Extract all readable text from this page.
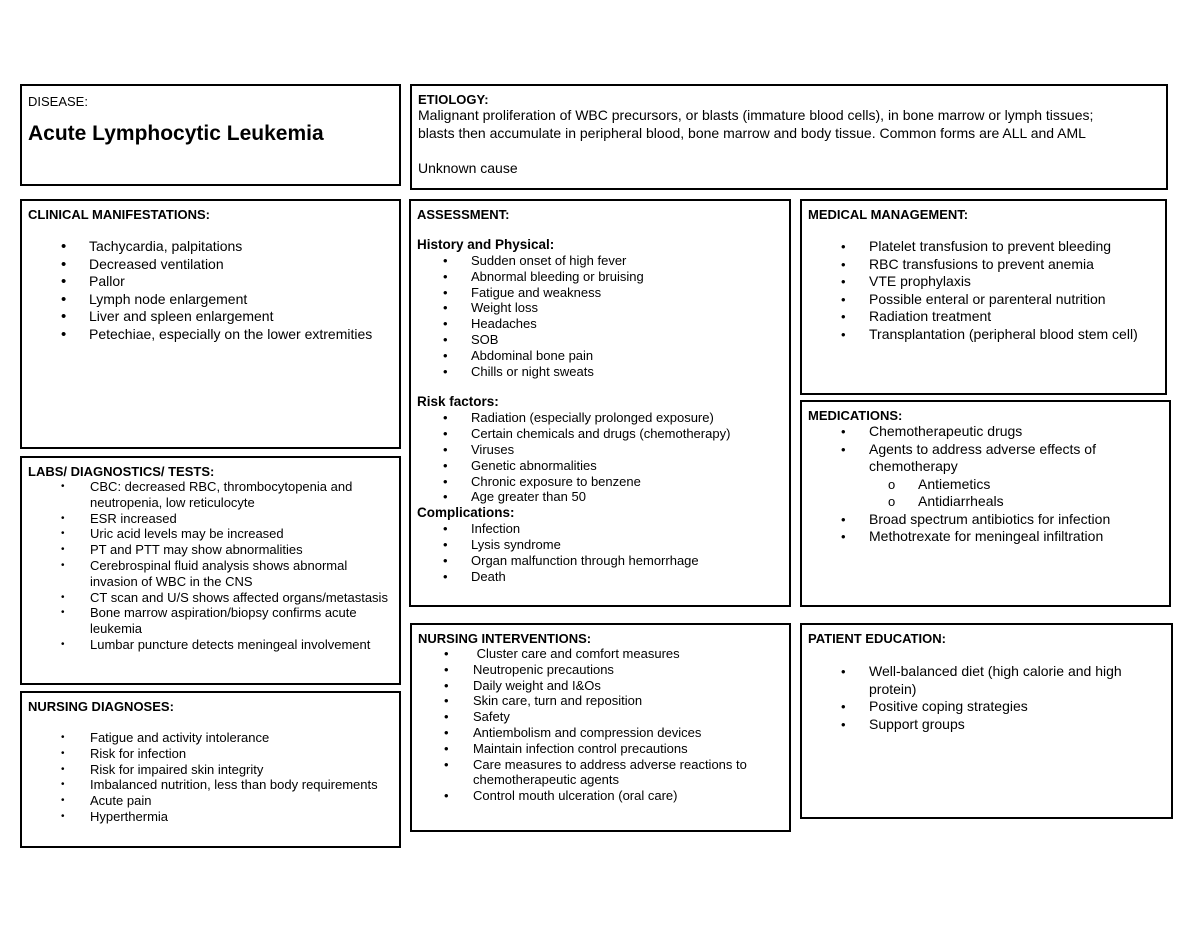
DISEASE:
Acute Lymphocytic Leukemia
ETIOLOGY:
Malignant proliferation of WBC precursors, or blasts (immature blood cells), in bone marrow or lymph tissues;
blasts then accumulate in peripheral blood, bone marrow and body tissue. Common forms are ALL and AML
Unknown cause
CLINICAL MANIFESTATIONS:
• Tachycardia, palpitations
• Decreased ventilation
• Pallor
• Lymph node enlargement
• Liver and spleen enlargement
• Petechiae, especially on the lower extremities
LABS/ DIAGNOSTICS/ TESTS:
• CBC: decreased RBC, thrombocytopenia and neutropenia, low reticulocyte
• ESR increased
• Uric acid levels may be increased
• PT and PTT may show abnormalities
• Cerebrospinal fluid analysis shows abnormal invasion of WBC in the CNS
• CT scan and U/S shows affected organs/metastasis
• Bone marrow aspiration/biopsy confirms acute leukemia
• Lumbar puncture detects meningeal involvement
NURSING DIAGNOSES:
• Fatigue and activity intolerance
• Risk for infection
• Risk for impaired skin integrity
• Imbalanced nutrition, less than body requirements
• Acute pain
• Hyperthermia
ASSESSMENT:
History and Physical:
• Sudden onset of high fever
• Abnormal bleeding or bruising
• Fatigue and weakness
• Weight loss
• Headaches
• SOB
• Abdominal bone pain
• Chills or night sweats
Risk factors:
• Radiation (especially prolonged exposure)
• Certain chemicals and drugs (chemotherapy)
• Viruses
• Genetic abnormalities
• Chronic exposure to benzene
• Age greater than 50
Complications:
• Infection
• Lysis syndrome
• Organ malfunction through hemorrhage
• Death
NURSING INTERVENTIONS:
• Cluster care and comfort measures
• Neutropenic precautions
• Daily weight and I&Os
• Skin care, turn and reposition
• Safety
• Antiembolism and compression devices
• Maintain infection control precautions
• Care measures to address adverse reactions to chemotherapeutic agents
• Control mouth ulceration (oral care)
MEDICAL MANAGEMENT:
• Platelet transfusion to prevent bleeding
• RBC transfusions to prevent anemia
• VTE prophylaxis
• Possible enteral or parenteral nutrition
• Radiation treatment
• Transplantation (peripheral blood stem cell)
MEDICATIONS:
• Chemotherapeutic drugs
• Agents to address adverse effects of chemotherapy
o Antiemetics
o Antidiarrheals
• Broad spectrum antibiotics for infection
• Methotrexate for meningeal infiltration
PATIENT EDUCATION:
• Well-balanced diet (high calorie and high protein)
• Positive coping strategies
• Support groups
